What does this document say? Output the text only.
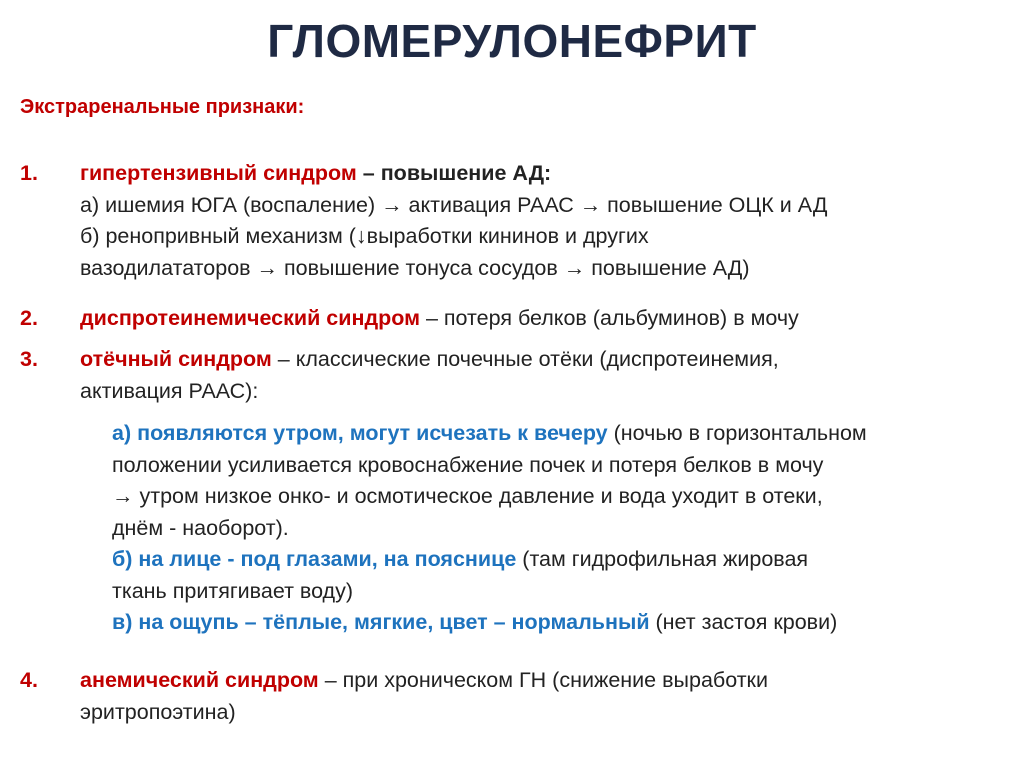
ГЛОМЕРУЛОНЕФРИТ
Экстраренальные признаки:
1.	гипертензивный синдром – повышение АД:
а) ишемия ЮГА (воспаление) → активация РААС → повышение ОЦК и АД
б) ренопривный механизм (↓выработки кининов и других
вазодилататоров → повышение тонуса сосудов → повышение АД)
2.	диспротеинемический синдром – потеря белков (альбуминов) в мочу
3.	отёчный синдром – классические почечные отёки (диспротеинемия,
активация РААС):
а) появляются утром, могут исчезать к вечеру (ночью в горизонтальном
положении усиливается кровоснабжение почек и потеря белков в мочу
→ утром низкое онко- и осмотическое давление и вода уходит в отеки,
днём - наоборот).
б) на лице - под глазами, на пояснице (там гидрофильная жировая
ткань притягивает воду)
в) на ощупь – тёплые, мягкие, цвет – нормальный (нет застоя крови)
4.	анемический синдром – при хроническом ГН (снижение выработки
эритропоэтина)
